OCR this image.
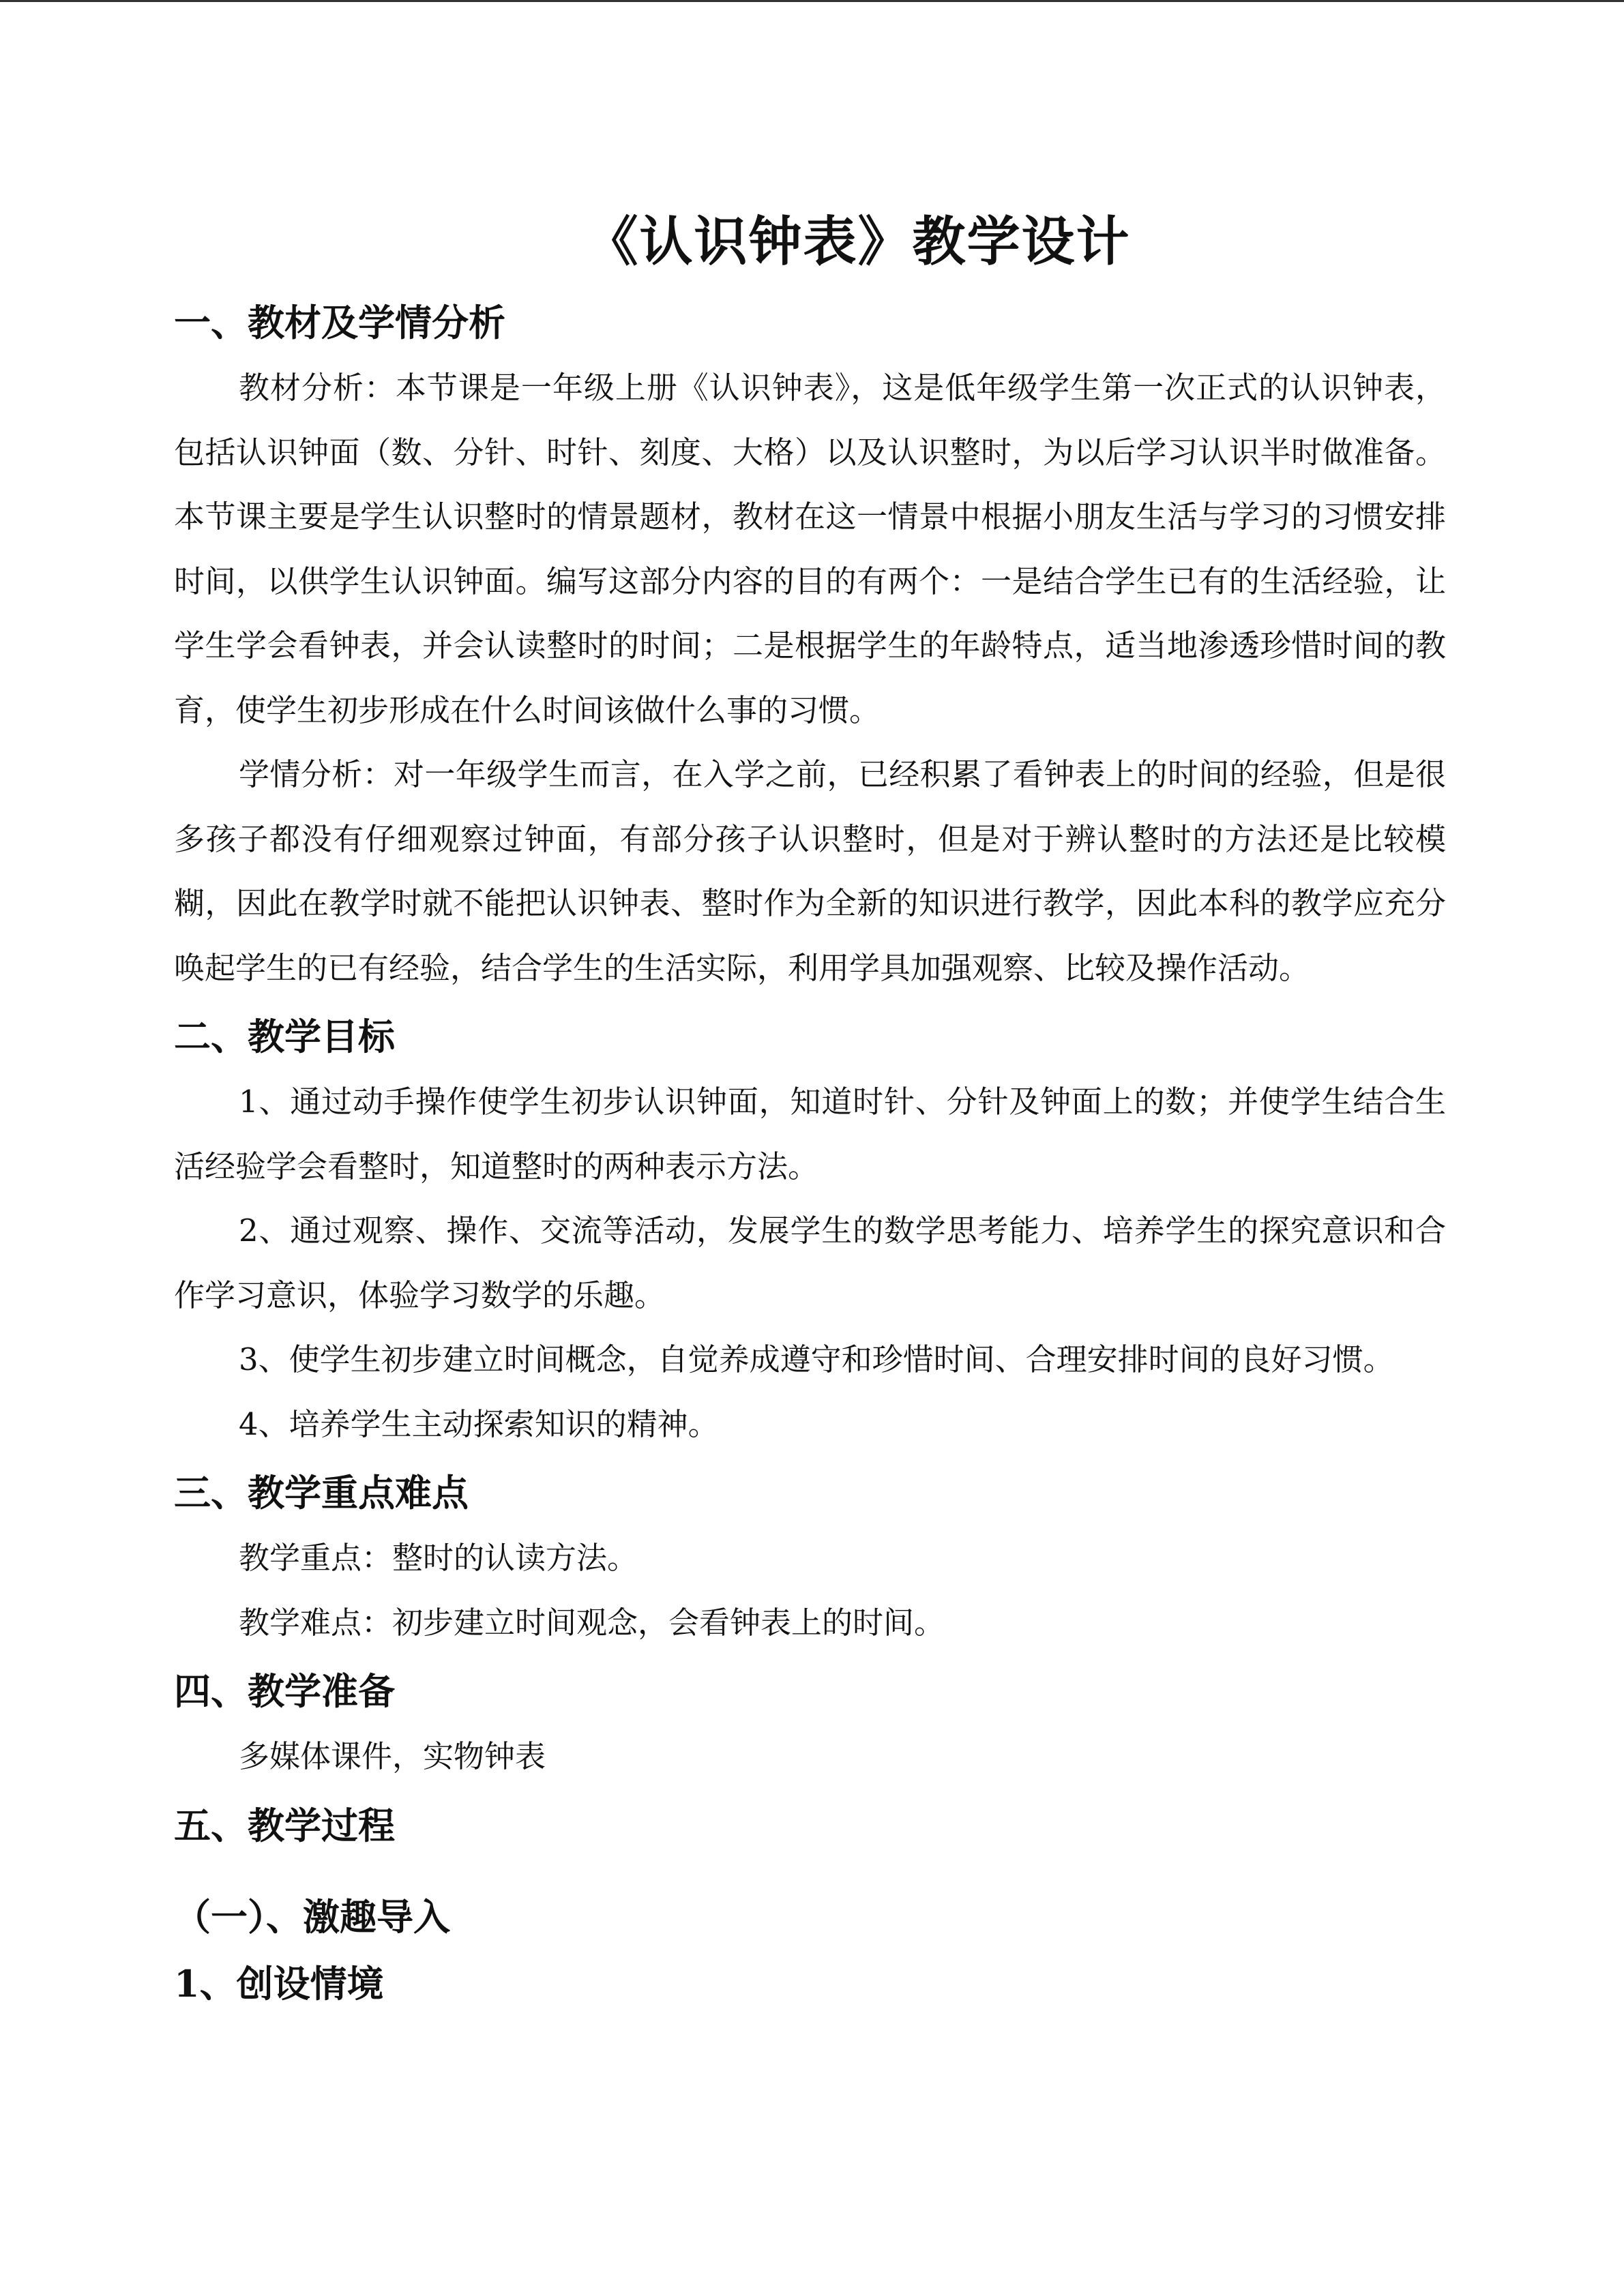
《认识钟表》教学设计
一、教材及学情分析

教材分析：本节课是一年级上册《认识钟表》，这是低年级学生第一次正式的认识钟表，包括认识钟面（数、分针、时针、刻度、大格）以及认识整时，为以后学习认识半时做准备。本节课主要是学生认识整时的情景题材，教材在这一情景中根据小朋友生活与学习的习惯安排时间，以供学生认识钟面。编写这部分内容的目的有两个：一是结合学生已有的生活经验，让学生学会看钟表，并会认读整时的时间；二是根据学生的年龄特点，适当地渗透珍惜时间的教育，使学生初步形成在什么时间该做什么事的习惯。

学情分析：对一年级学生而言，在入学之前，已经积累了看钟表上的时间的经验，但是很多孩子都没有仔细观察过钟面，有部分孩子认识整时，但是对于辨认整时的方法还是比较模糊，因此在教学时就不能把认识钟表、整时作为全新的知识进行教学，因此本科的教学应充分唤起学生的已有经验，结合学生的生活实际，利用学具加强观察、比较及操作活动。

二、教学目标

1、通过动手操作使学生初步认识钟面，知道时针、分针及钟面上的数；并使学生结合生活经验学会看整时，知道整时的两种表示方法。

2、通过观察、操作、交流等活动，发展学生的数学思考能力、培养学生的探究意识和合作学习意识，体验学习数学的乐趣。

3、使学生初步建立时间概念，自觉养成遵守和珍惜时间、合理安排时间的良好习惯。

4、培养学生主动探索知识的精神。

三、教学重点难点

教学重点：整时的认读方法。

教学难点：初步建立时间观念，会看钟表上的时间。

四、教学准备

多媒体课件，实物钟表

五、教学过程
（一）、激趣导入
1、创设情境
